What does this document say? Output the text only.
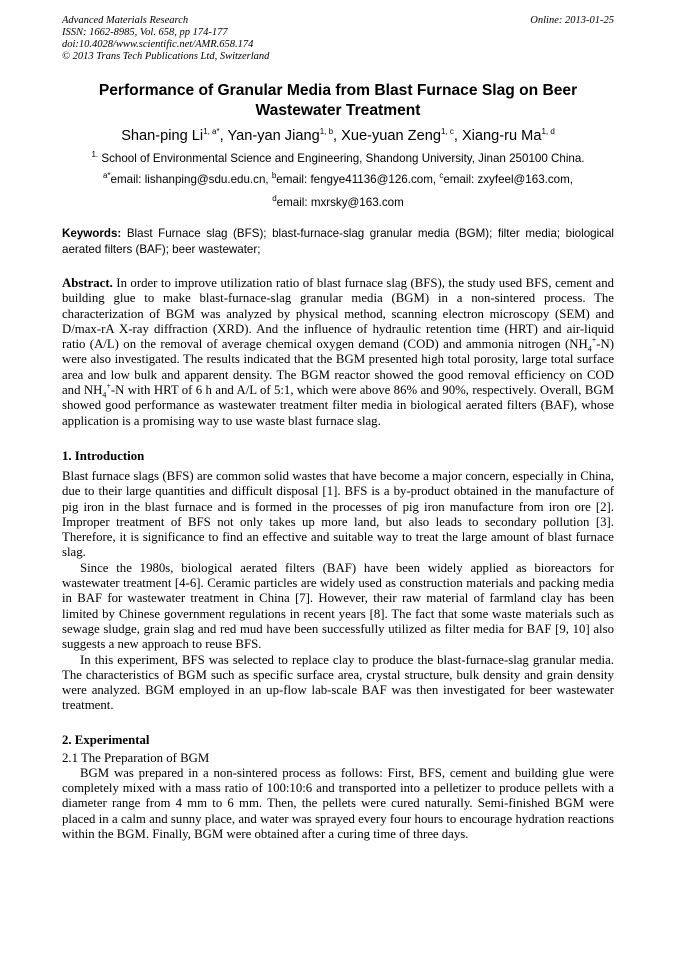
Advanced Materials Research
ISSN: 1662-8985, Vol. 658, pp 174-177
doi:10.4028/www.scientific.net/AMR.658.174
© 2013 Trans Tech Publications Ltd, Switzerland
Online: 2013-01-25
Performance of Granular Media from Blast Furnace Slag on Beer
Wastewater Treatment
Shan-ping $Li^{1, a*}$, Yan-yan Jiang$^{1, b}$, Xue-yuan Zeng$^{1, c}$, Xiang-ru Ma$^{1, d}$
$^{1.}$ School of Environmental Science and Engineering, Shandong University, Jinan 250100 China.
$^{a*}$email: lishanping@sdu.edu.cn, $^b$email: fengye41136@126.com, $^c$email: zxyfeel@163.com,
$^d$email: mxrsky@163.com
Keywords: Blast Furnace slag (BFS); blast-furnace-slag granular media (BGM); filter media; biological aerated filters (BAF); beer wastewater;
Abstract. In order to improve utilization ratio of blast furnace slag (BFS), the study used BFS, cement and building glue to make blast-furnace-slag granular media (BGM) in a non-sintered process. The characterization of BGM was analyzed by physical method, scanning electron microscopy (SEM) and D/max-rA X-ray diffraction (XRD). And the influence of hydraulic retention time (HRT) and air-liquid ratio (A/L) on the removal of average chemical oxygen demand (COD) and ammonia nitrogen $(NH_4^+-N)$ were also investigated. The results indicated that the BGM presented high total porosity, large total surface area and low bulk and apparent density. The BGM reactor showed the good removal efficiency on COD and $NH_4^+-N$ with HRT of 6 h and A/L of 5:1, which were above 86% and 90%, respectively. Overall, BGM showed good performance as wastewater treatment filter media in biological aerated filters (BAF), whose application is a promising way to use waste blast furnace slag.
1. Introduction
Blast furnace slags (BFS) are common solid wastes that have become a major concern, especially in China, due to their large quantities and difficult disposal [1]. BFS is a by-product obtained in the manufacture of pig iron in the blast furnace and is formed in the processes of pig iron manufacture from iron ore [2]. Improper treatment of BFS not only takes up more land, but also leads to secondary pollution [3]. Therefore, it is significance to find an effective and suitable way to treat the large amount of blast furnace slag.
Since the 1980s, biological aerated filters (BAF) have been widely applied as bioreactors for wastewater treatment [4-6]. Ceramic particles are widely used as construction materials and packing media in BAF for wastewater treatment in China [7]. However, their raw material of farmland clay has been limited by Chinese government regulations in recent years [8]. The fact that some waste materials such as sewage sludge, grain slag and red mud have been successfully utilized as filter media for BAF [9, 10] also suggests a new approach to reuse BFS.
In this experiment, BFS was selected to replace clay to produce the blast-furnace-slag granular media. The characteristics of BGM such as specific surface area, crystal structure, bulk density and grain density were analyzed. BGM employed in an up-flow lab-scale BAF was then investigated for beer wastewater treatment.
2. Experimental
2.1 The Preparation of BGM
BGM was prepared in a non-sintered process as follows: First, BFS, cement and building glue were completely mixed with a mass ratio of 100:10:6 and transported into a pelletizer to produce pellets with a diameter range from 4 mm to 6 mm. Then, the pellets were cured naturally. Semi-finished BGM were placed in a calm and sunny place, and water was sprayed every four hours to encourage hydration reactions within the BGM. Finally, BGM were obtained after a curing time of three days.
